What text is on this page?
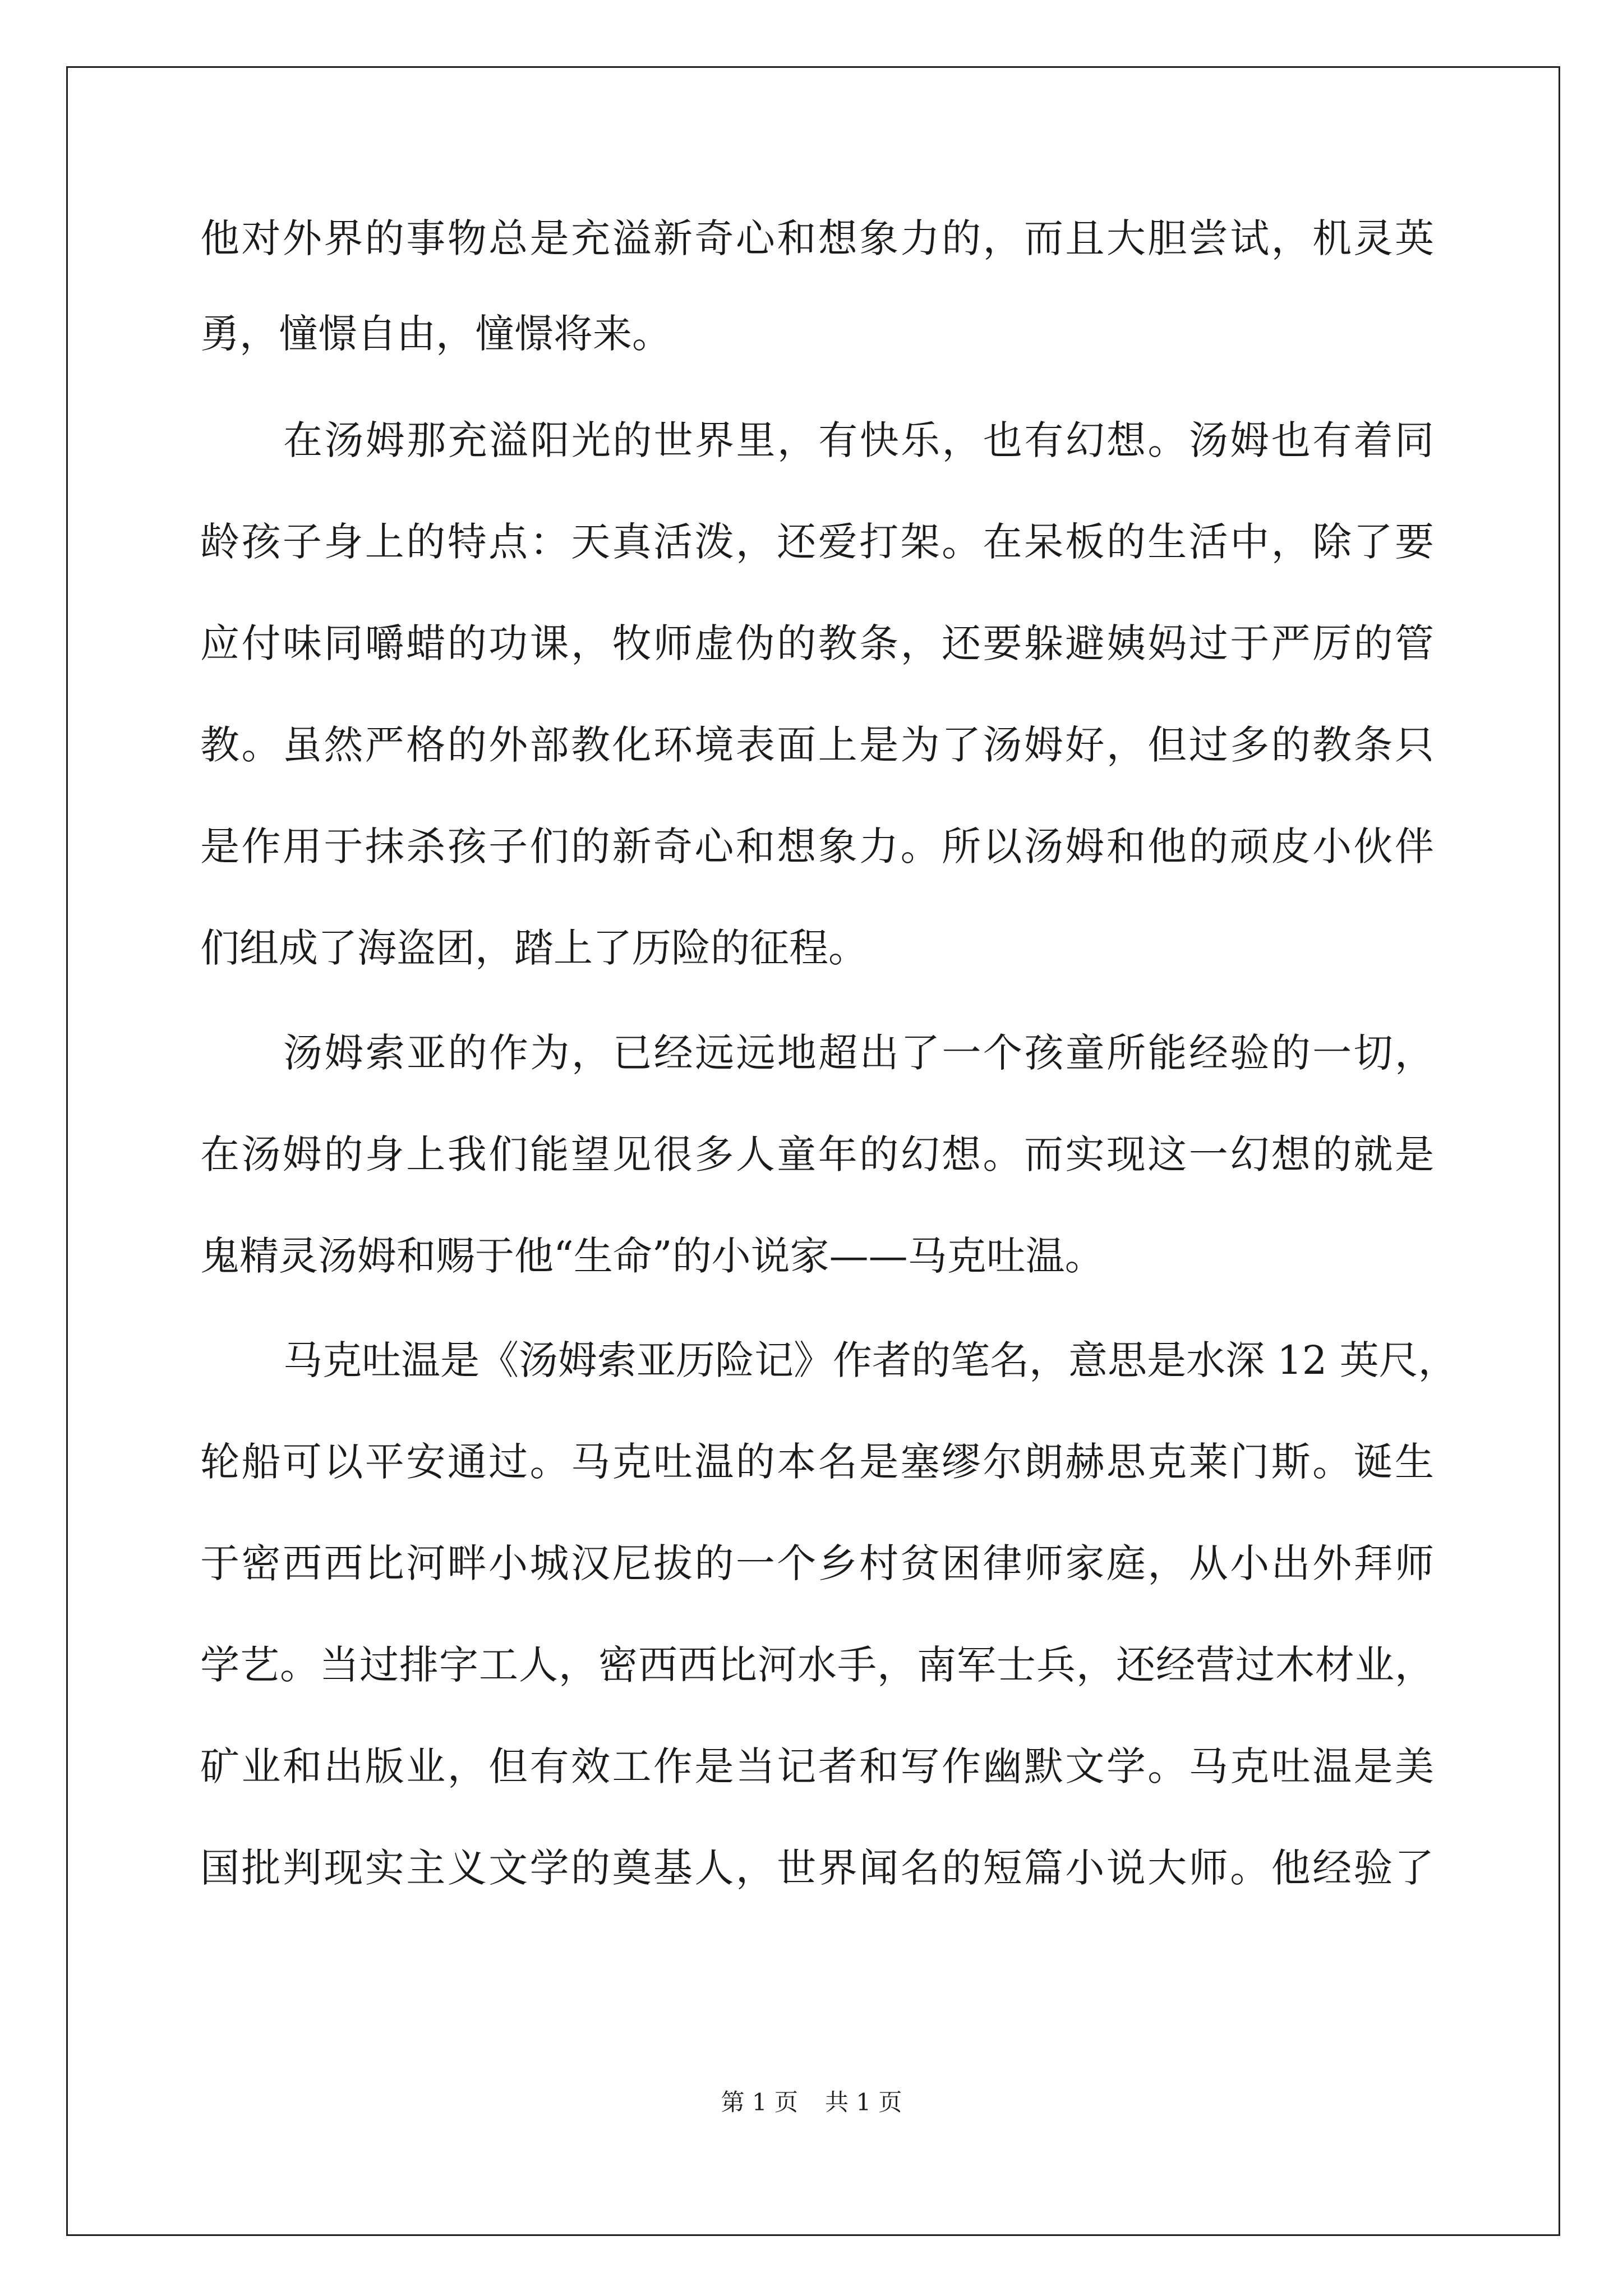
他对外界的事物总是充溢新奇心和想象力的，而且大胆尝试，机灵英
勇，憧憬自由，憧憬将来。
在汤姆那充溢阳光的世界里，有快乐，也有幻想。汤姆也有着同
龄孩子身上的特点：天真活泼，还爱打架。在呆板的生活中，除了要
应付味同嚼蜡的功课，牧师虚伪的教条，还要躲避姨妈过于严厉的管
教。虽然严格的外部教化环境表面上是为了汤姆好，但过多的教条只
是作用于抹杀孩子们的新奇心和想象力。所以汤姆和他的顽皮小伙伴
们组成了海盗团，踏上了历险的征程。
汤姆索亚的作为，已经远远地超出了一个孩童所能经验的一切，
在汤姆的身上我们能望见很多人童年的幻想。而实现这一幻想的就是
鬼精灵汤姆和赐于他“生命”的小说家——马克吐温。
马克吐温是《汤姆索亚历险记》作者的笔名，意思是水深 12 英尺，
轮船可以平安通过。马克吐温的本名是塞缪尔朗赫思克莱门斯。诞生
于密西西比河畔小城汉尼拔的一个乡村贫困律师家庭，从小出外拜师
学艺。当过排字工人，密西西比河水手，南军士兵，还经营过木材业，
矿业和出版业，但有效工作是当记者和写作幽默文学。马克吐温是美
国批判现实主义文学的奠基人，世界闻名的短篇小说大师。他经验了
第 1 页 共 1 页
